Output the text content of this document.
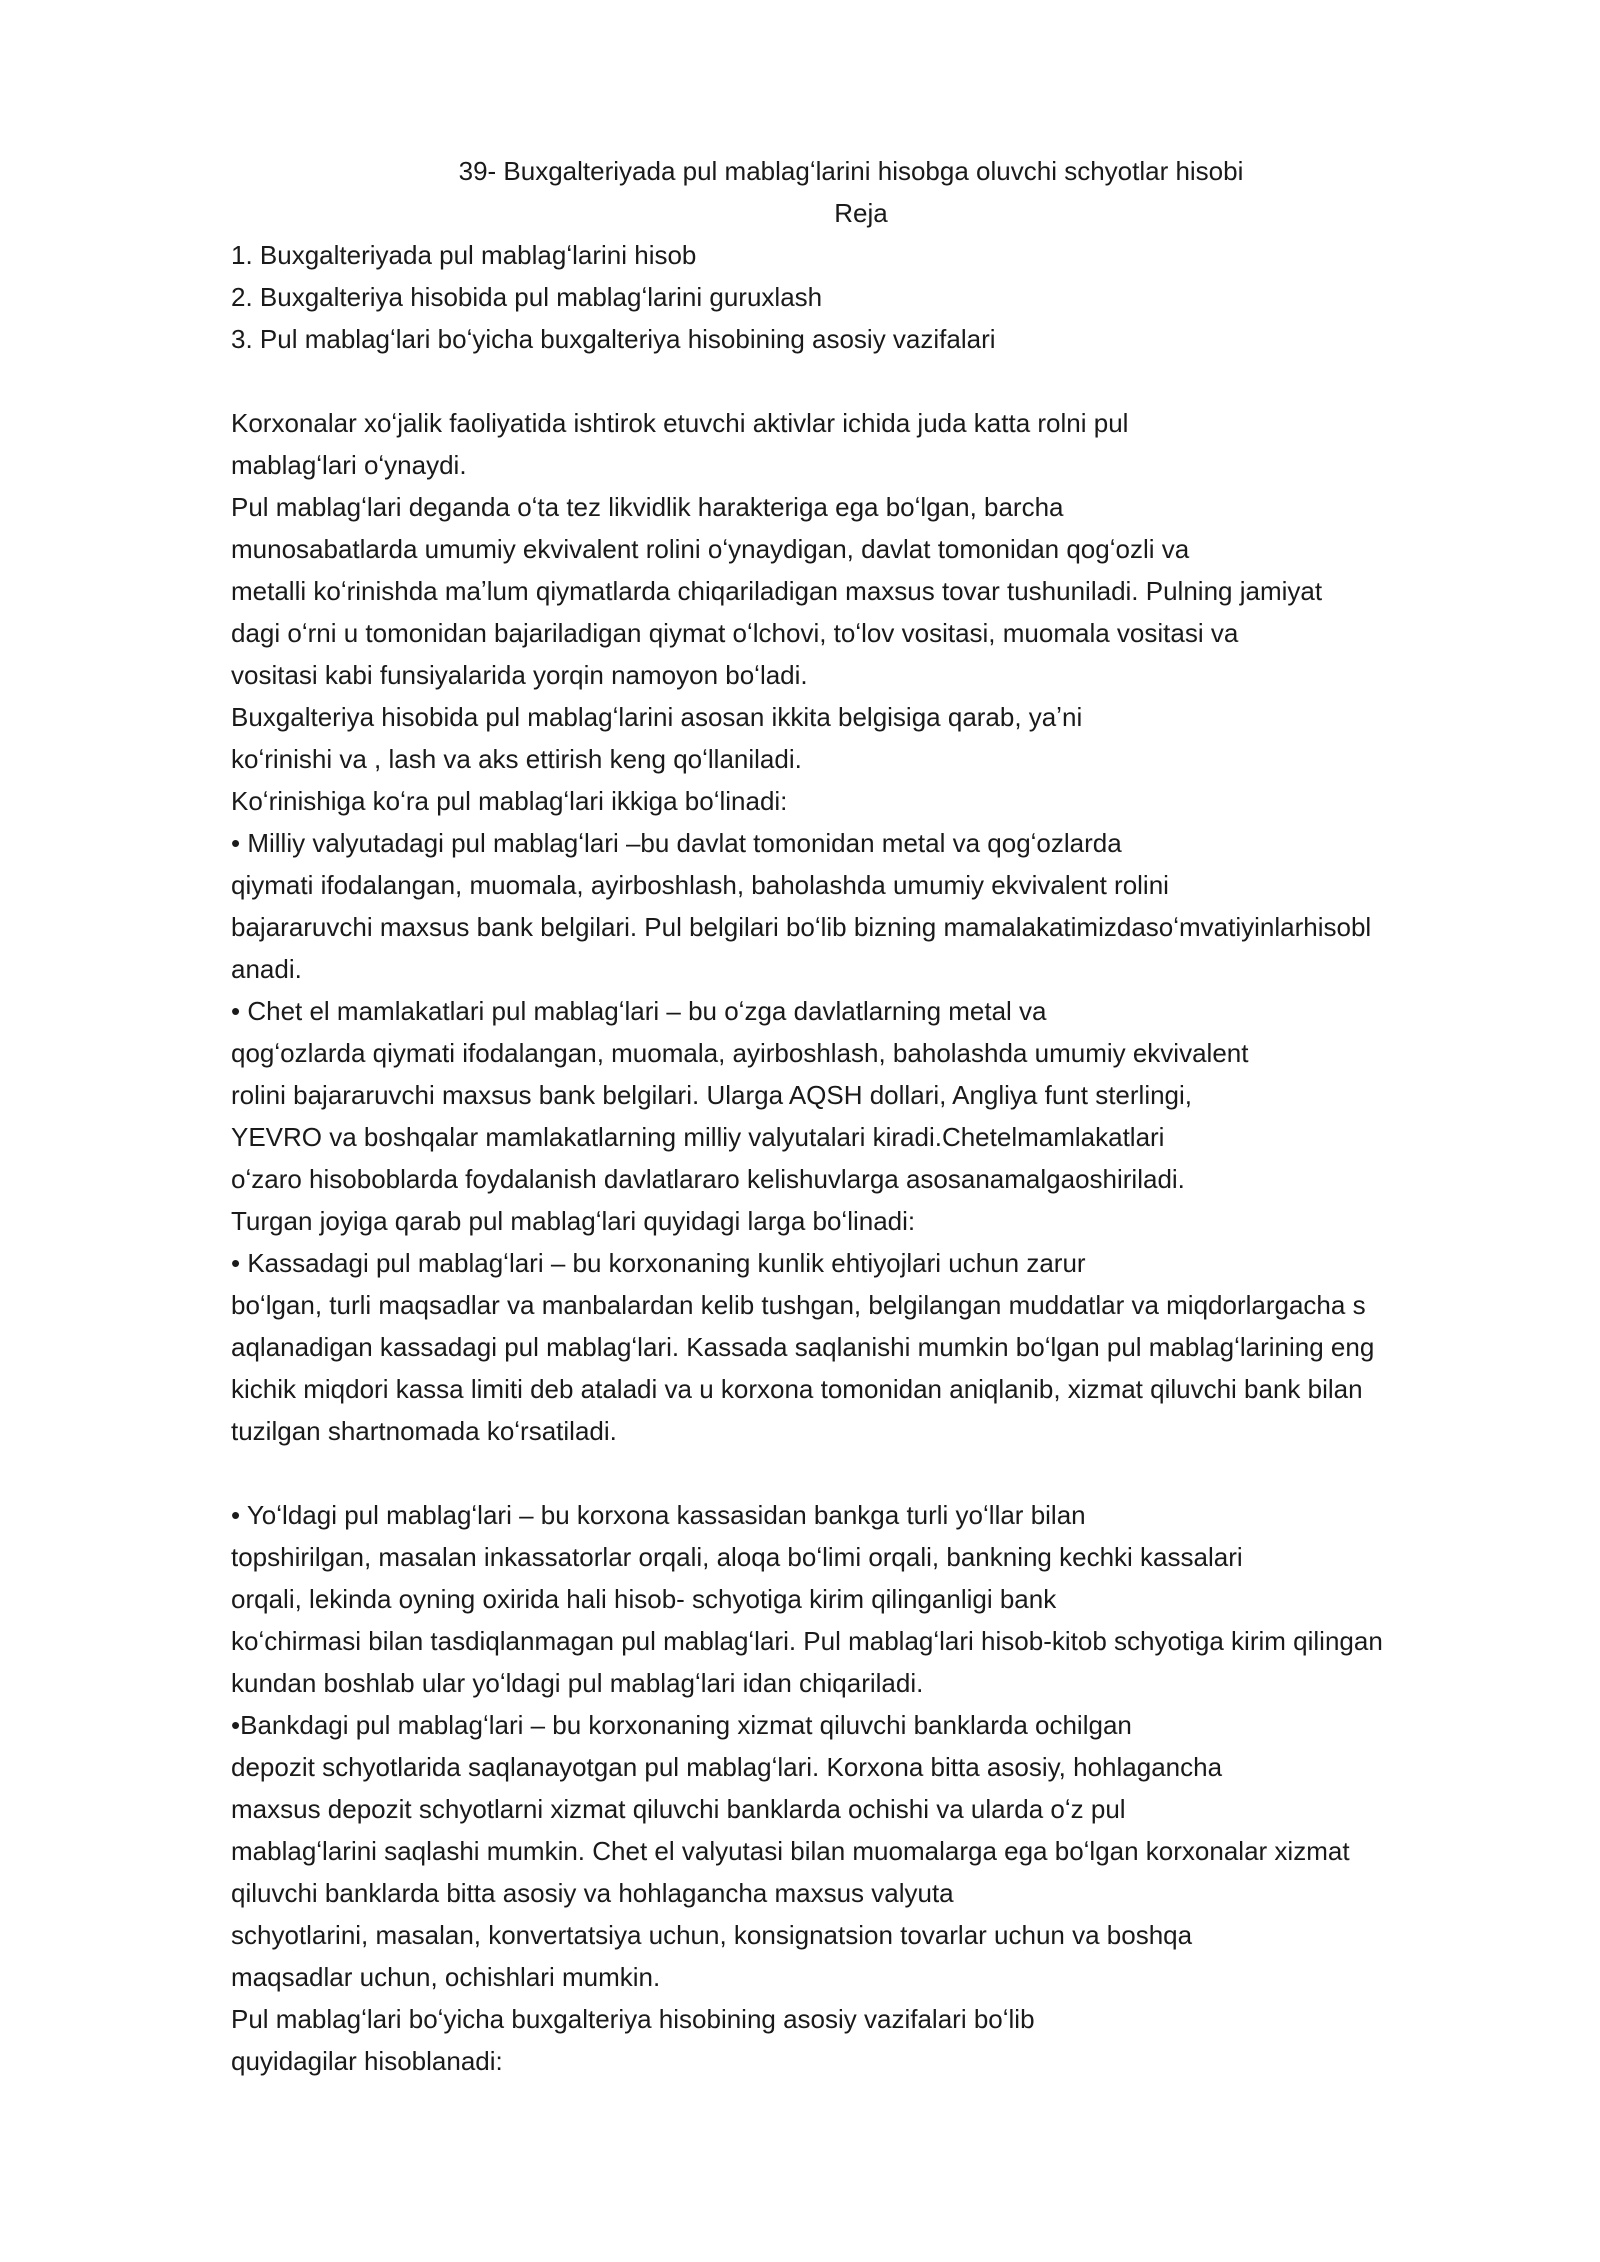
39- Buxgalteriyada pul mablagʻlarini hisobga oluvchi schyotlar hisobi
Reja
1. Buxgalteriyada pul mablagʻlarini hisob
2. Buxgalteriya hisobida pul mablagʻlarini guruxlash
3. Pul mablagʻlari boʻyicha buxgalteriya hisobining asosiy vazifalari
Korxonalar xoʻjalik faoliyatida ishtirok etuvchi aktivlar ichida juda katta rolni pul
mablagʻlari oʻynaydi.
Pul mablagʻlari deganda oʻta tez likvidlik harakteriga ega boʻlgan, barcha
munosabatlarda umumiy ekvivalent rolini oʻynaydigan, davlat tomonidan qogʻozli va
metalli koʻrinishda maʼlum qiymatlarda chiqariladigan maxsus tovar tushuniladi. Pulning jamiyat
dagi oʻrni u tomonidan bajariladigan qiymat oʻlchovi, toʻlov vositasi, muomala vositasi va
vositasi kabi funsiyalarida yorqin namoyon boʻladi.
Buxgalteriya hisobida pul mablagʻlarini asosan ikkita belgisiga qarab, yaʼni
koʻrinishi va , lash va aks ettirish keng qoʻllaniladi.
Koʻrinishiga koʻra pul mablagʻlari ikkiga boʻlinadi:
• Milliy valyutadagi pul mablagʻlari –bu davlat tomonidan metal va qogʻozlarda
qiymati ifodalangan, muomala, ayirboshlash, baholashda umumiy ekvivalent rolini
bajararuvchi maxsus bank belgilari. Pul belgilari boʻlib bizning mamalakatimizdasoʻmvatiyinlarhisobl
anadi.
• Chet el mamlakatlari pul mablagʻlari – bu oʻzga davlatlarning metal va
qogʻozlarda qiymati ifodalangan, muomala, ayirboshlash, baholashda umumiy ekvivalent
rolini bajararuvchi maxsus bank belgilari. Ularga AQSH dollari, Angliya funt sterlingi,
YEVRO va boshqalar mamlakatlarning milliy valyutalari kiradi.Chetelmamlakatlari
oʻzaro hisoboblarda foydalanish davlatlararo kelishuvlarga asosanamalgaoshiriladi.
Turgan joyiga qarab pul mablagʻlari quyidagi larga boʻlinadi:
• Kassadagi pul mablagʻlari – bu korxonaning kunlik ehtiyojlari uchun zarur
boʻlgan, turli maqsadlar va manbalardan kelib tushgan, belgilangan muddatlar va miqdorlargacha s
aqlanadigan kassadagi pul mablagʻlari. Kassada saqlanishi mumkin boʻlgan pul mablagʻlarining eng
kichik miqdori kassa limiti deb ataladi va u korxona tomonidan aniqlanib, xizmat qiluvchi bank bilan
tuzilgan shartnomada koʻrsatiladi.
• Yoʻldagi pul mablagʻlari – bu korxona kassasidan bankga turli yoʻllar bilan
topshirilgan, masalan inkassatorlar orqali, aloqa boʻlimi orqali, bankning kechki kassalari
orqali, lekinda oyning oxirida hali hisob- schyotiga kirim qilinganligi bank
koʻchirmasi bilan tasdiqlanmagan pul mablagʻlari. Pul mablagʻlari hisob-kitob schyotiga kirim qilingan
kundan boshlab ular yoʻldagi pul mablagʻlari idan chiqariladi.
•Bankdagi pul mablagʻlari – bu korxonaning xizmat qiluvchi banklarda ochilgan
depozit schyotlarida saqlanayotgan pul mablagʻlari. Korxona bitta asosiy, hohlagancha
maxsus depozit schyotlarni xizmat qiluvchi banklarda ochishi va ularda oʻz pul
mablagʻlarini saqlashi mumkin. Chet el valyutasi bilan muomalarga ega boʻlgan korxonalar xizmat
qiluvchi banklarda bitta asosiy va hohlagancha maxsus valyuta
schyotlarini, masalan, konvertatsiya uchun, konsignatsion tovarlar uchun va boshqa
maqsadlar uchun, ochishlari mumkin.
Pul mablagʻlari boʻyicha buxgalteriya hisobining asosiy vazifalari boʻlib
quyidagilar hisoblanadi:
